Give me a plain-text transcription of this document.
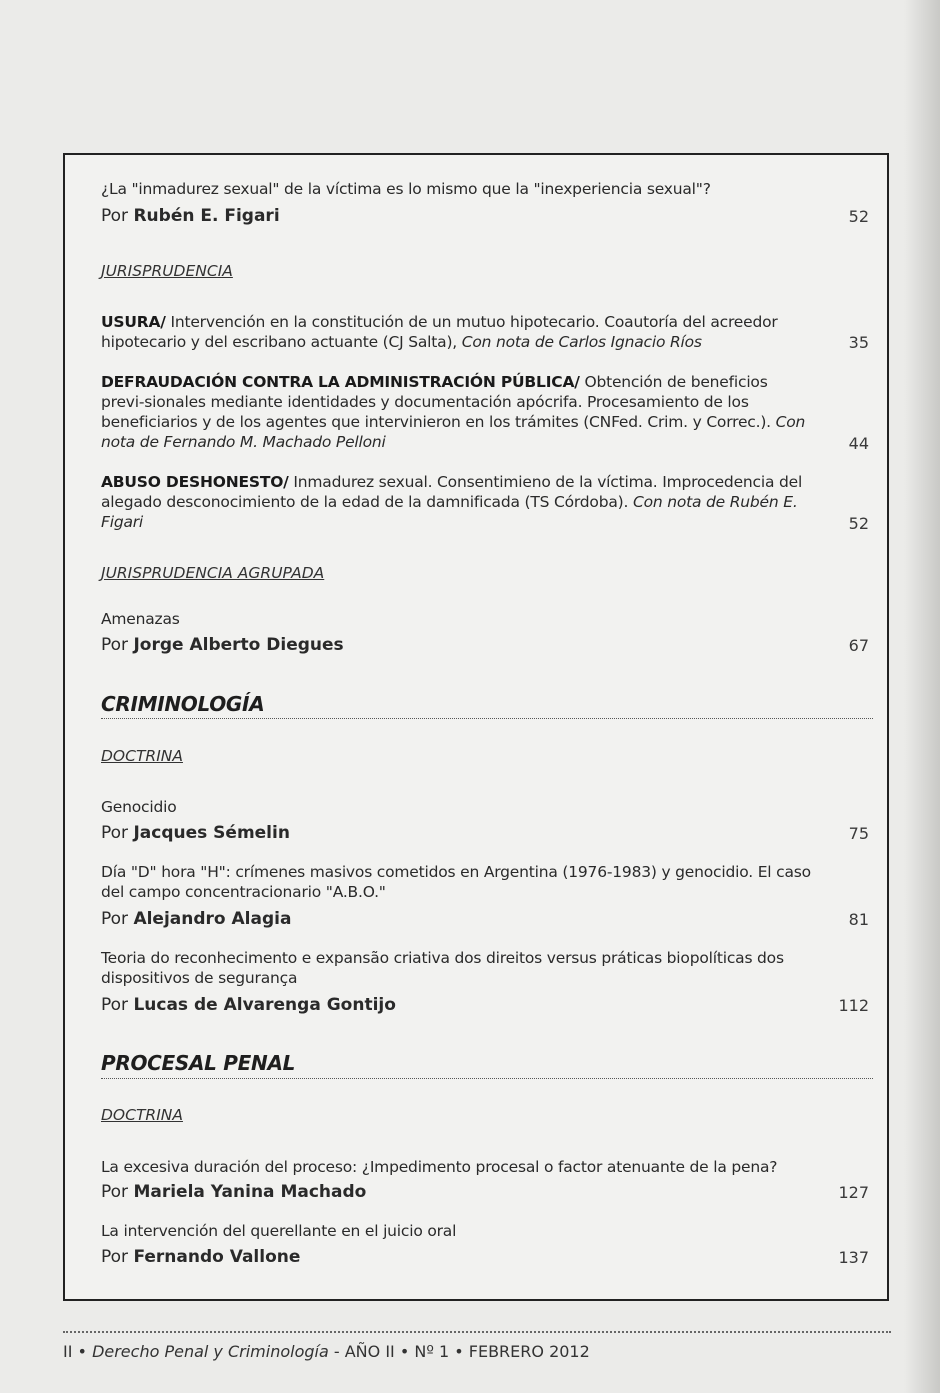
¿La "inmadurez sexual" de la víctima es lo mismo que la "inexperiencia sexual"?
Por Rubén E. Figari	52
JURISPRUDENCIA
USURA/ Intervención en la constitución de un mutuo hipotecario. Coautoría del acreedor hipotecario y del escribano actuante (CJ Salta), Con nota de Carlos Ignacio Ríos	35
DEFRAUDACIÓN CONTRA LA ADMINISTRACIÓN PÚBLICA/ Obtención de beneficios previ-sionales mediante identidades y documentación apócrifa. Procesamiento de los beneficiarios y de los agentes que intervinieron en los trámites (CNFed. Crim. y Correc.). Con nota de Fernando M. Machado Pelloni	44
ABUSO DESHONESTO/ Inmadurez sexual. Consentimieno de la víctima. Improcedencia del alegado desconocimiento de la edad de la damnificada (TS Córdoba). Con nota de Rubén E. Figari	52
JURISPRUDENCIA AGRUPADA
Amenazas
Por Jorge Alberto Diegues	67
CRIMINOLOGÍA
DOCTRINA
Genocidio
Por Jacques Sémelin	75
Día "D" hora "H": crímenes masivos cometidos en Argentina (1976-1983) y genocidio. El caso del campo concentracionario "A.B.O."
Por Alejandro Alagia	81
Teoria do reconhecimento e expansão criativa dos direitos versus práticas biopolíticas dos dispositivos de segurança
Por Lucas de Alvarenga Gontijo	112
PROCESAL PENAL
DOCTRINA
La excesiva duración del proceso: ¿Impedimento procesal o factor atenuante de la pena?
Por Mariela Yanina Machado	127
La intervención del querellante en el juicio oral
Por Fernando Vallone	137
II • Derecho Penal y Criminología - AÑO II • Nº 1 • FEBRERO 2012
